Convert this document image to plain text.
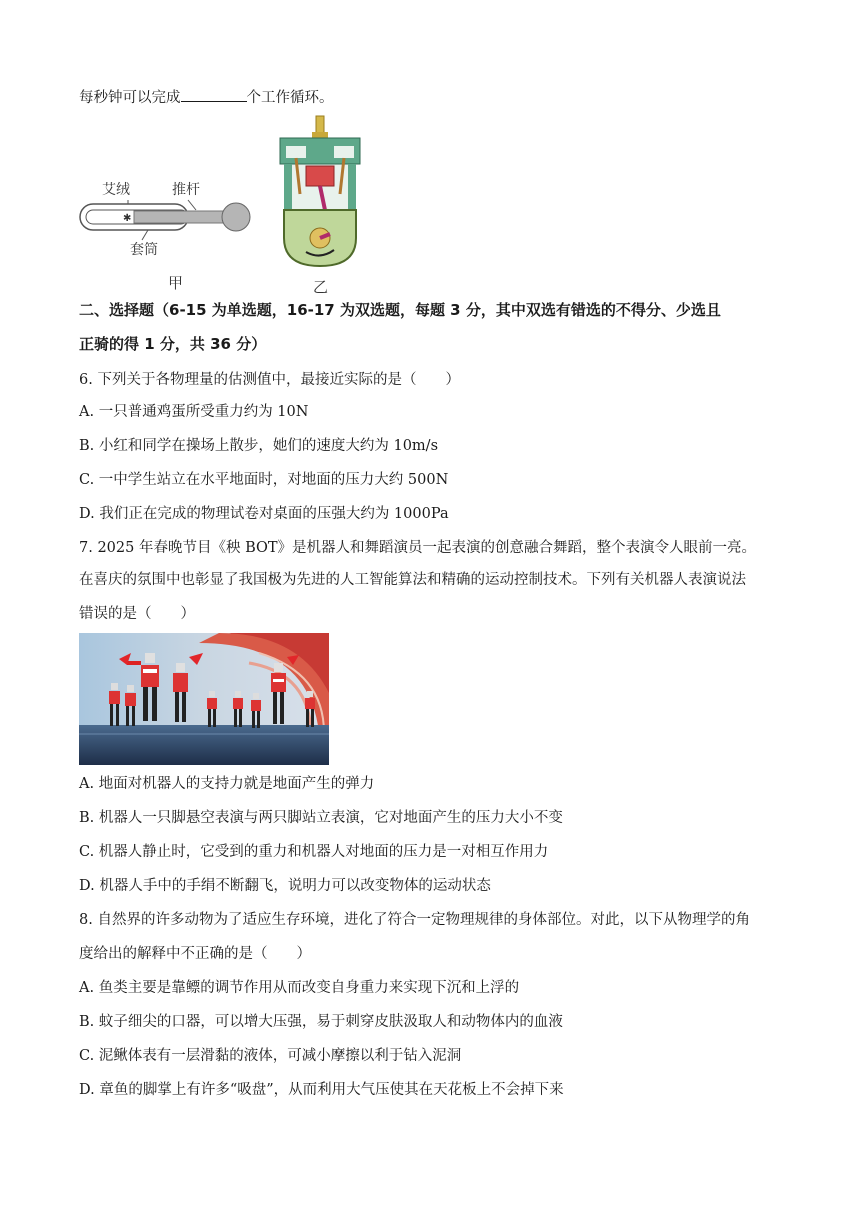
每秒钟可以完成	个工作循环。
艾绒	推杆
✱
套筒
甲	乙
二、选择题（6-15 为单选题，16-17 为双选题，每题 3 分，其中双选有错选的不得分、少选且
正骑的得 1 分，共 36 分）
6. 下列关于各物理量的估测值中，最接近实际的是（　　）
A. 一只普通鸡蛋所受重力约为 10N
B. 小红和同学在操场上散步，她们的速度大约为 10m/s
C. 一中学生站立在水平地面时，对地面的压力大约 500N
D. 我们正在完成的物理试卷对桌面的压强大约为 1000Pa
7. 2025 年春晚节目《秧 BOT》是机器人和舞蹈演员一起表演的创意融合舞蹈，整个表演令人眼前一亮。
在喜庆的氛围中也彰显了我国极为先进的人工智能算法和精确的运动控制技术。下列有关机器人表演说法
错误的是（　　）
A. 地面对机器人的支持力就是地面产生的弹力
B. 机器人一只脚悬空表演与两只脚站立表演，它对地面产生的压力大小不变
C. 机器人静止时，它受到的重力和机器人对地面的压力是一对相互作用力
D. 机器人手中的手绢不断翻飞，说明力可以改变物体的运动状态
8. 自然界的许多动物为了适应生存环境，进化了符合一定物理规律的身体部位。对此，以下从物理学的角
度给出的解释中不正确的是（　　）
A. 鱼类主要是靠鳔的调节作用从而改变自身重力来实现下沉和上浮的
B. 蚊子细尖的口器，可以增大压强，易于刺穿皮肤汲取人和动物体内的血液
C. 泥鳅体表有一层滑黏的液体，可减小摩擦以利于钻入泥洞
D. 章鱼的脚掌上有许多“吸盘”，从而利用大气压使其在天花板上不会掉下来
